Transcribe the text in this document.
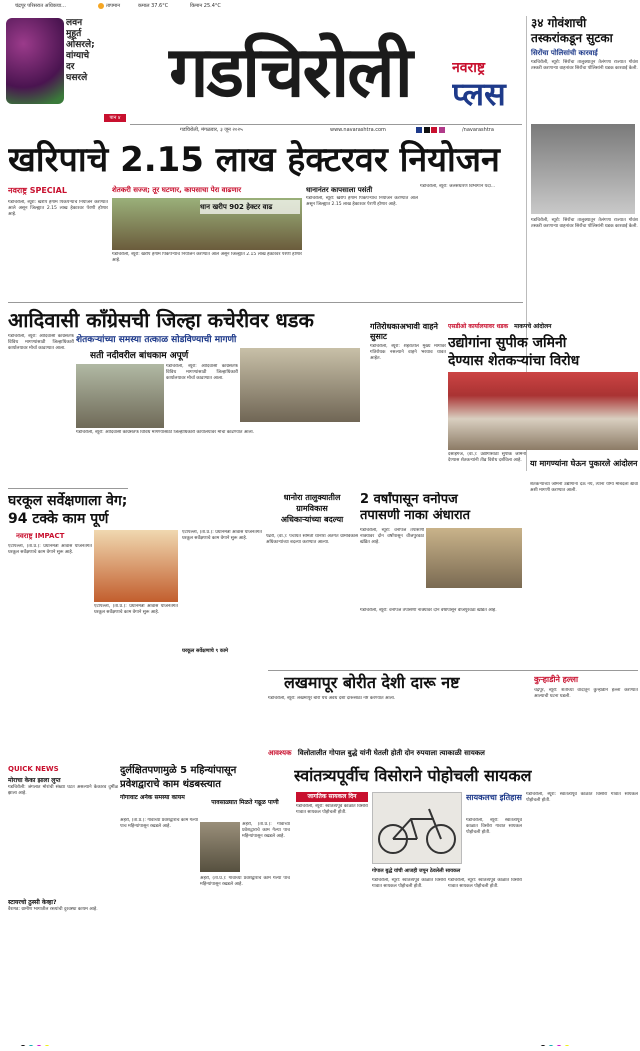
चंद्रपूर परिसरात अधिकचा...	तापमान	कमाल 37.6°C	किमान 25.4°C
लवन
मुहूर्त
ओसरले;
वांग्याचे
दर
घसरले
पान ४
गडचिरोली	नवराष्ट्र
प्लस
गडचिरोली, मंगळवार, ३ जून २०२५	www.navarashtra.com
	/navarashtra
३४ गोवंशाची तस्करांकडून सुटका
सिरोंचा पोलिसांची कारवाई
गडचिरोली, ब्यूरो: सिरोंचा तालुक्यातून तेलंगणा राज्यात गोवंश तस्करी करणाऱ्या वाहनांवर सिरोंचा पोलिसांनी धडक कारवाई केली.
गडचिरोली, ब्यूरो: सिरोंचा तालुक्यातून तेलंगणा राज्यात गोवंश तस्करी करणाऱ्या वाहनांवर सिरोंचा पोलिसांनी धडक कारवाई केली.
खरिपाचे 2.15 लाख हेक्टरवर नियोजन
नवराष्ट्र SPECIAL	शेतकरी सज्ज; तूर घटणार, कापसाचा पेरा वाढणार
गडचिरोली, ब्यूरो: खरीप हंगाम पिकपेऱ्याचे नियोजन करण्यात आले असून जिल्ह्यात 2.15 लाख हेक्टरवर पेरणी होणार आहे.
धान खरीप 902 हेक्टर वाढ
गडचिरोली, ब्यूरो: खरीप हंगाम पिकपेऱ्याचे नियोजन करण्यात आले असून जिल्ह्यात 2.15 लाख हेक्टरवर पेरणी होणार आहे.
धानानंतर कापसाला पसंती
गडचिरोली, ब्यूरो: खरीप हंगाम पिकपेऱ्याचे नियोजन करण्यात आले असून जिल्ह्यात 2.15 लाख हेक्टरवर पेरणी होणार आहे.
गडचिरोली, ब्यूरो: जलसंधारण विभागाने यंदा...
आदिवासी कॉंग्रेसची जिल्हा कचेरीवर धडक
शेतकऱ्यांच्या समस्या तत्काळ सोडविण्याची मागणी
गडचिरोली, ब्यूरो: आदिवासी काँग्रेसतर्फे विविध मागण्यांसाठी जिल्हाधिकारी कार्यालयावर मोर्चा काढण्यात आला.
सती नदीवरील बांधकाम अपूर्ण
गडचिरोली, ब्यूरो: आदिवासी काँग्रेसतर्फे विविध मागण्यांसाठी जिल्हाधिकारी कार्यालयावर मोर्चा काढण्यात आला.
गडचिरोली, ब्यूरो: आदिवासी काँग्रेसतर्फे विविध मागण्यांसाठी जिल्हाधिकारी कार्यालयावर मोर्चा काढण्यात आला.
गतिरोधकाअभावी वाहने सुसाट
गडचिरोली, ब्यूरो: शहरातील मुख्य मार्गावर गतिरोधक नसल्याने वाहने भरधाव धावत आहेत.
एसडीओ कार्यालयावर धडक माकपचे आंदोलन
उद्योगांना सुपीक जमिनी
देण्यास शेतकऱ्यांचा विरोध
देसाईगंज, (वा.): उद्योगांसाठी सुपीक जमिनी देण्यास शेतकऱ्यांनी तीव्र विरोध दर्शविला आहे.	या मागण्यांना घेऊन पुकारले आंदोलन
शेतकऱ्यांच्या जमिनी उद्योगांना देऊ नये, त्यांना योग्य मोबदला द्यावा अशी मागणी करण्यात आली.
घरकूल सर्वेक्षणाला वेग;
94 टक्के काम पूर्ण
नवराष्ट्र IMPACT
एटापल्ली, (ता.प्र.): प्रधानमंत्री आवास योजनेंतर्गत घरकूल सर्वेक्षणाचे काम वेगाने सुरू आहे.
एटापल्ली, (ता.प्र.): प्रधानमंत्री आवास योजनेंतर्गत घरकूल सर्वेक्षणाचे काम वेगाने सुरू आहे.
घरकूल सर्वेक्षणाचे ९ कामे
एटापल्ली, (ता.प्र.): प्रधानमंत्री आवास योजनेंतर्गत घरकूल सर्वेक्षणाचे काम वेगाने सुरू आहे.
धानोरा तालुक्यातील
ग्रामविकास
अधिकाऱ्यांच्या बदल्या
पेंढरी, (वा.): पंचायत समिती धानोरा अंतर्गत ग्रामविकास अधिकाऱ्यांच्या बदल्या करण्यात आल्या.
2 वर्षांपासून वनोपज
तपासणी नाका अंधारात
गडचिरोली, ब्यूरो: वनोपज तपासणी नाक्यावर दोन वर्षांपासून वीजपुरवठा खंडित आहे.
गडचिरोली, ब्यूरो: वनोपज तपासणी नाक्यावर दोन वर्षांपासून वीजपुरवठा खंडित आहे.
लखमापूर बोरीत देशी दारू नष्ट
गडचिरोली, ब्यूरो: लखमापूर बोरी येथे अवैध देशी दारूसाठा नष्ट करण्यात आला.
कुऱ्हाडीने हल्ला
चंद्रपूर, ब्यूरो: शेतीच्या वादातून कुऱ्हाडीने हल्ला करण्यात आल्याची घटना घडली.
आवश्यक विलोतालीत गोपाल बुद्धे यांनी घेतली होती दोन रुपयाला त्याकाळी सायकल
QUICK NEWS
मोराचा केका झाला लुप्त
गडचिरोली: जंगलात मोरांची संख्या घटत असल्याने केकारव दुर्मीळ झाला आहे.
स्टायरचो ठुस्सी केव्हा?
वैरागड: ग्रामीण भागातील रस्त्यांची दुरवस्था कायम आहे.
दुर्लक्षितपणामुळे 5 महिन्यांपासून
प्रवेशद्वाराचे काम थंडबस्त्यात
गोगावाट अनेक समस्या कायम
अहेरी, (ता.प्र.): गावाच्या प्रवेशद्वाराचे काम गेल्या पाच महिन्यांपासून रखडले आहे.
पावसाळ्यात मिळते गढूळ पाणी
अहेरी, (ता.प्र.): गावाच्या प्रवेशद्वाराचे काम गेल्या पाच महिन्यांपासून रखडले आहे.
अहेरी, (ता.प्र.): गावाच्या प्रवेशद्वाराचे काम गेल्या पाच महिन्यांपासून रखडले आहे.
स्वांतत्र्यपूर्वीच विसोराने पोहोचली सायकल
जागतिक सायकल दिन
गडचिरोली, ब्यूरो: स्वातंत्र्यपूर्व काळात विसोरा गावात सायकल पोहोचली होती.
सायकलचा इतिहास
गडचिरोली, ब्यूरो: स्वातंत्र्यपूर्व काळात विसोरा गावात सायकल पोहोचली होती.
गोपाल बुद्धे यांची आजही जपून ठेवलेली सायकल
गडचिरोली, ब्यूरो: स्वातंत्र्यपूर्व काळात विसोरा गावात सायकल पोहोचली होती.
गडचिरोली, ब्यूरो: स्वातंत्र्यपूर्व काळात विसोरा गावात सायकल पोहोचली होती.
गडचिरोली, ब्यूरो: स्वातंत्र्यपूर्व काळात विसोरा गावात सायकल पोहोचली होती.
